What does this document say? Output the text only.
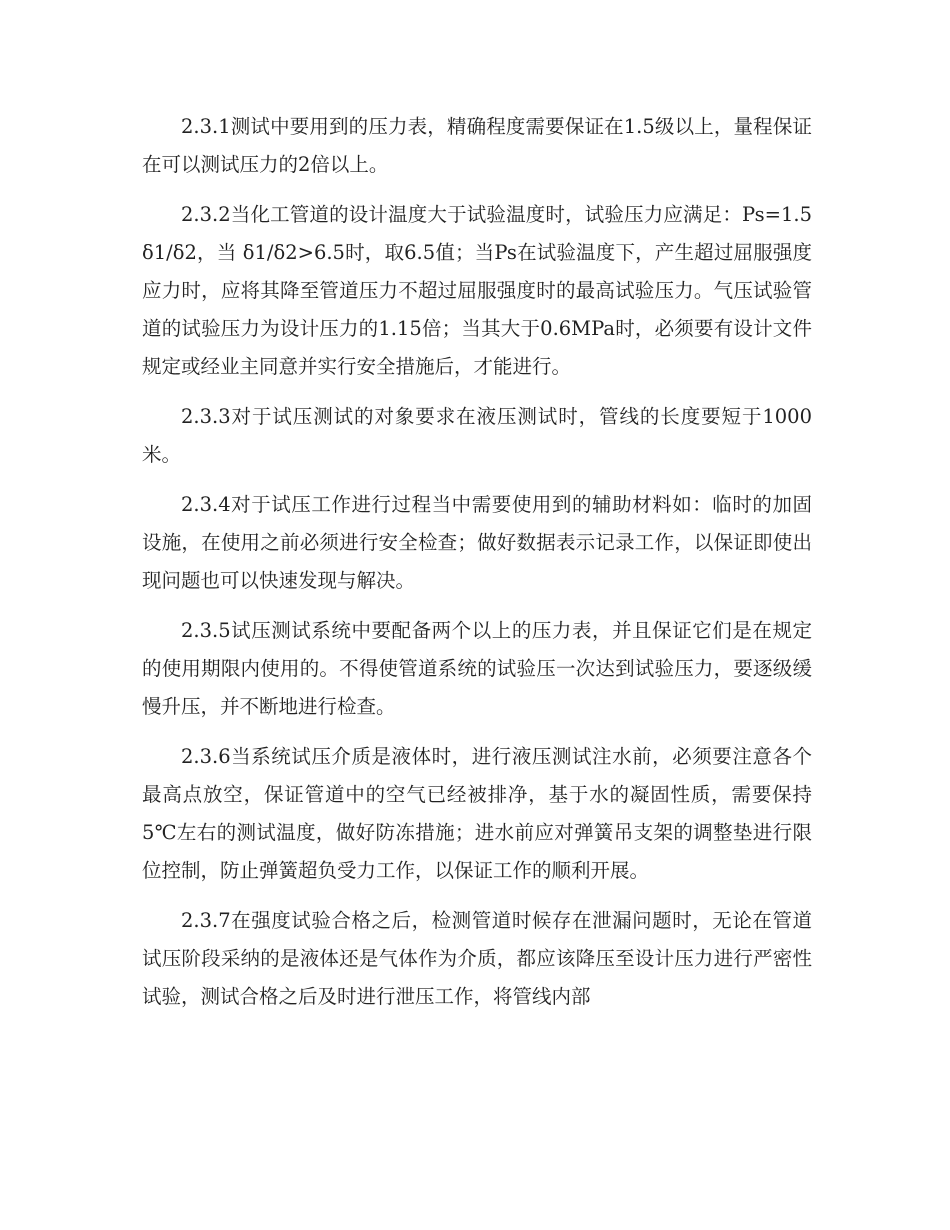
2.3.1测试中要用到的压力表，精确程度需要保证在1.5级以上，量程保证在可以测试压力的2倍以上。

2.3.2当化工管道的设计温度大于试验温度时，试验压力应满足：Ps=1.5δ1/δ2，当 δ1/δ2>6.5时，取6.5值；当Ps在试验温度下，产生超过屈服强度应力时，应将其降至管道压力不超过屈服强度时的最高试验压力。气压试验管道的试验压力为设计压力的1.15倍；当其大于0.6MPa时，必须要有设计文件规定或经业主同意并实行安全措施后，才能进行。

2.3.3对于试压测试的对象要求在液压测试时，管线的长度要短于1000米。

2.3.4对于试压工作进行过程当中需要使用到的辅助材料如：临时的加固设施，在使用之前必须进行安全检查；做好数据表示记录工作，以保证即使出现问题也可以快速发现与解决。

2.3.5试压测试系统中要配备两个以上的压力表，并且保证它们是在规定的使用期限内使用的。不得使管道系统的试验压一次达到试验压力，要逐级缓慢升压，并不断地进行检查。

2.3.6当系统试压介质是液体时，进行液压测试注水前，必须要注意各个最高点放空，保证管道中的空气已经被排净，基于水的凝固性质，需要保持5℃左右的测试温度，做好防冻措施；进水前应对弹簧吊支架的调整垫进行限位控制，防止弹簧超负受力工作，以保证工作的顺利开展。

2.3.7在强度试验合格之后，检测管道时候存在泄漏问题时，无论在管道试压阶段采纳的是液体还是气体作为介质，都应该降压至设计压力进行严密性试验，测试合格之后及时进行泄压工作，将管线内部
